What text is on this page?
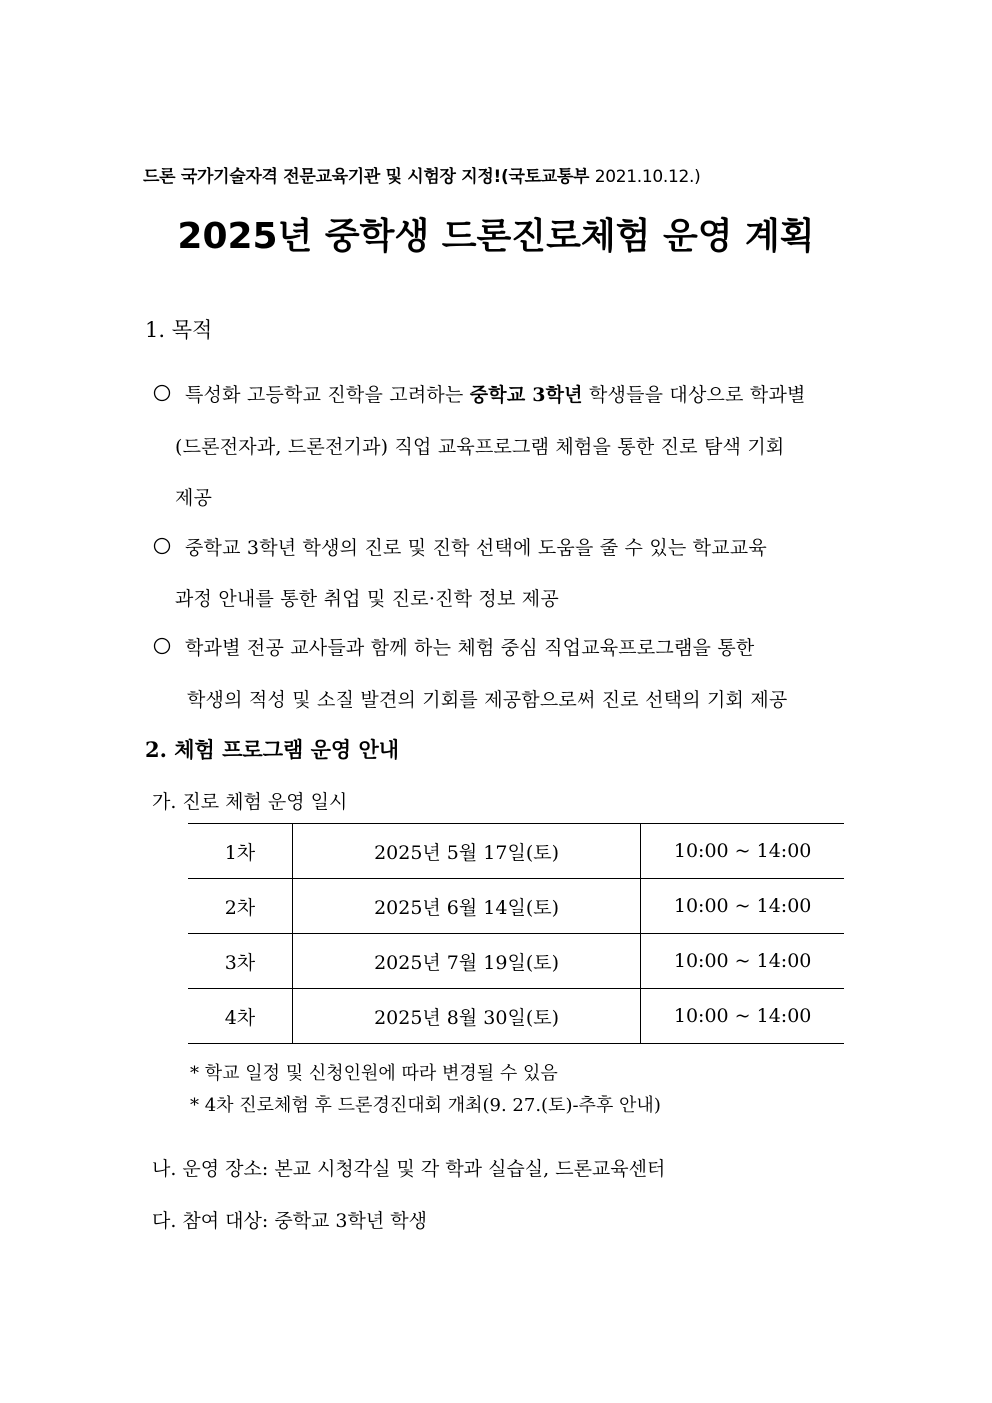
드론 국가기술자격 전문교육기관 및 시험장 지정!(국토교통부 2021.10.12.)
2025년 중학생 드론진로체험 운영 계획
1. 목적
특성화 고등학교 진학을 고려하는 중학교 3학년 학생들을 대상으로 학과별
(드론전자과, 드론전기과) 직업 교육프로그램 체험을 통한 진로 탐색 기회
제공
중학교 3학년 학생의 진로 및 진학 선택에 도움을 줄 수 있는 학교교육
과정 안내를 통한 취업 및 진로·진학 정보 제공
학과별 전공 교사들과 함께 하는 체험 중심 직업교육프로그램을 통한
학생의 적성 및 소질 발견의 기회를 제공함으로써 진로 선택의 기회 제공
2. 체험 프로그램 운영 안내
가. 진로 체험 운영 일시
1차	2025년 5월 17일(토)	10:00 ~ 14:00
2차	2025년 6월 14일(토)	10:00 ~ 14:00
3차	2025년 7월 19일(토)	10:00 ~ 14:00
4차	2025년 8월 30일(토)	10:00 ~ 14:00
* 학교 일정 및 신청인원에 따라 변경될 수 있음
* 4차 진로체험 후 드론경진대회 개최(9. 27.(토)-추후 안내)
나. 운영 장소: 본교 시청각실 및 각 학과 실습실, 드론교육센터
다. 참여 대상: 중학교 3학년 학생
